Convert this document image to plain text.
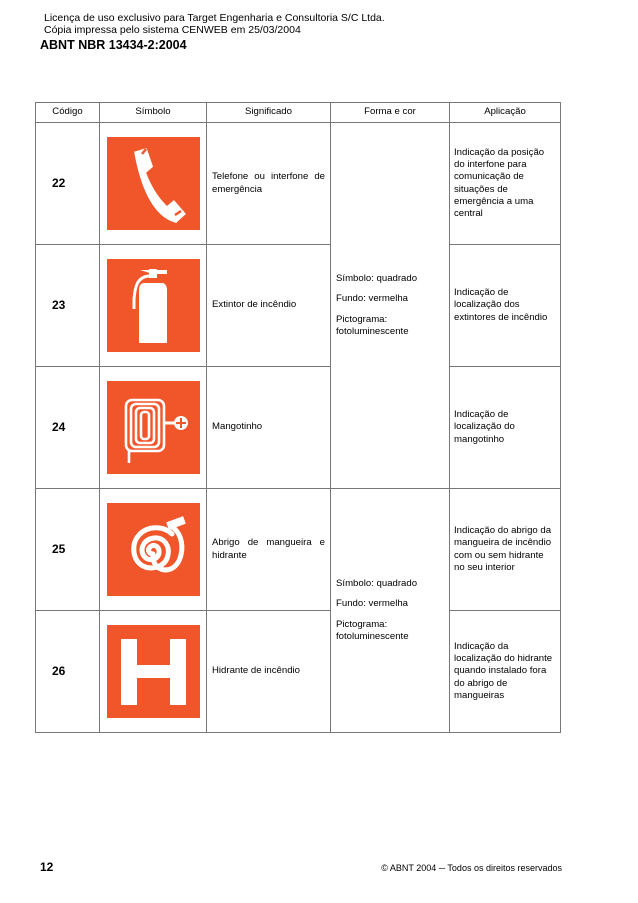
Licença de uso exclusivo para Target Engenharia e Consultoria S/C Ltda.
Cópia impressa pelo sistema CENWEB em 25/03/2004
ABNT NBR 13434-2:2004
Código	Símbolo	Significado	Forma e cor	Aplicação
22		Telefone ou interfone de emergência	Símbolo: quadrado

Fundo: vermelha

Pictograma:
fotoluminescente	Indicação da posição do interfone para comunicação de situações de emergência a uma central
23		Extintor de incêndio		Indicação de localização dos extintores de incêndio
24		Mangotinho		Indicação de localização do mangotinho
25		Abrigo de mangueira e hidrante	Símbolo: quadrado

Fundo: vermelha

Pictograma:
fotoluminescente	Indicação do abrigo da mangueira de incêndio com ou sem hidrante no seu interior
26		Hidrante de incêndio		Indicação da localização do hidrante quando instalado fora do abrigo de mangueiras
12	© ABNT 2004 ─ Todos os direitos reservados
